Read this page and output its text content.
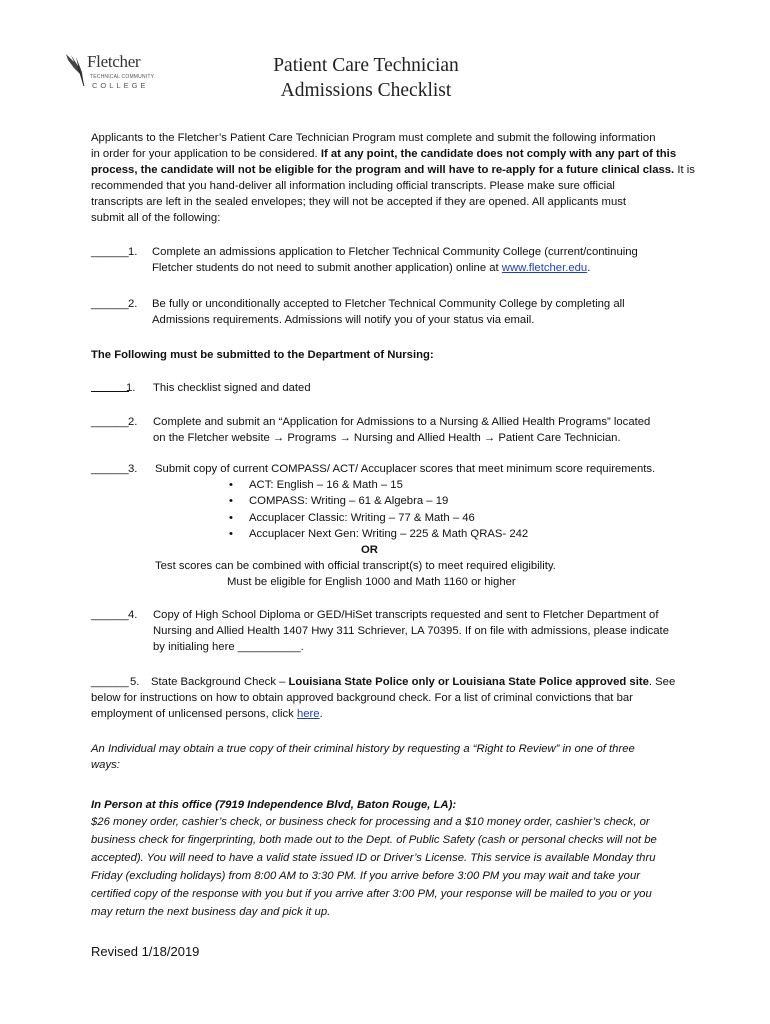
Fletcher
TECHNICAL COMMUNITY
COLLEGE
Patient Care Technician
Admissions Checklist
Applicants to the Fletcher’s Patient Care Technician Program must complete and submit the following information
in order for your application to be considered. If at any point, the candidate does not comply with any part of this
process, the candidate will not be eligible for the program and will have to re-apply for a future clinical class. It is
recommended that you hand-deliver all information including official transcripts. Please make sure official
transcripts are left in the sealed envelopes; they will not be accepted if they are opened. All applicants must
submit all of the following:
______ 1. Complete an admissions application to Fletcher Technical Community College (current/continuing
Fletcher students do not need to submit another application) online at www.fletcher.edu.
______ 2. Be fully or unconditionally accepted to Fletcher Technical Community College by completing all
Admissions requirements. Admissions will notify you of your status via email.
The Following must be submitted to the Department of Nursing:
1. This checklist signed and dated
______ 2. Complete and submit an “Application for Admissions to a Nursing & Allied Health Programs” located
on the Fletcher website → Programs → Nursing and Allied Health → Patient Care Technician.
______ 3. Submit copy of current COMPASS/ ACT/ Accuplacer scores that meet minimum score requirements.
• ACT: English – 16 & Math – 15
• COMPASS: Writing – 61 & Algebra – 19
• Accuplacer Classic: Writing – 77 & Math – 46
• Accuplacer Next Gen: Writing – 225 & Math QRAS- 242
OR
Test scores can be combined with official transcript(s) to meet required eligibility.
Must be eligible for English 1000 and Math 1160 or higher
______ 4. Copy of High School Diploma or GED/HiSet transcripts requested and sent to Fletcher Department of
Nursing and Allied Health 1407 Hwy 311 Schriever, LA 70395. If on file with admissions, please indicate
by initialing here __________.
______ 5. State Background Check – Louisiana State Police only or Louisiana State Police approved site. See
below for instructions on how to obtain approved background check. For a list of criminal convictions that bar
employment of unlicensed persons, click here.
An Individual may obtain a true copy of their criminal history by requesting a “Right to Review” in one of three
ways:
In Person at this office (7919 Independence Blvd, Baton Rouge, LA):
$26 money order, cashier’s check, or business check for processing and a $10 money order, cashier’s check, or
business check for fingerprinting, both made out to the Dept. of Public Safety (cash or personal checks will not be
accepted). You will need to have a valid state issued ID or Driver’s License. This service is available Monday thru
Friday (excluding holidays) from 8:00 AM to 3:30 PM. If you arrive before 3:00 PM you may wait and take your
certified copy of the response with you but if you arrive after 3:00 PM, your response will be mailed to you or you
may return the next business day and pick it up.
Revised 1/18/2019
